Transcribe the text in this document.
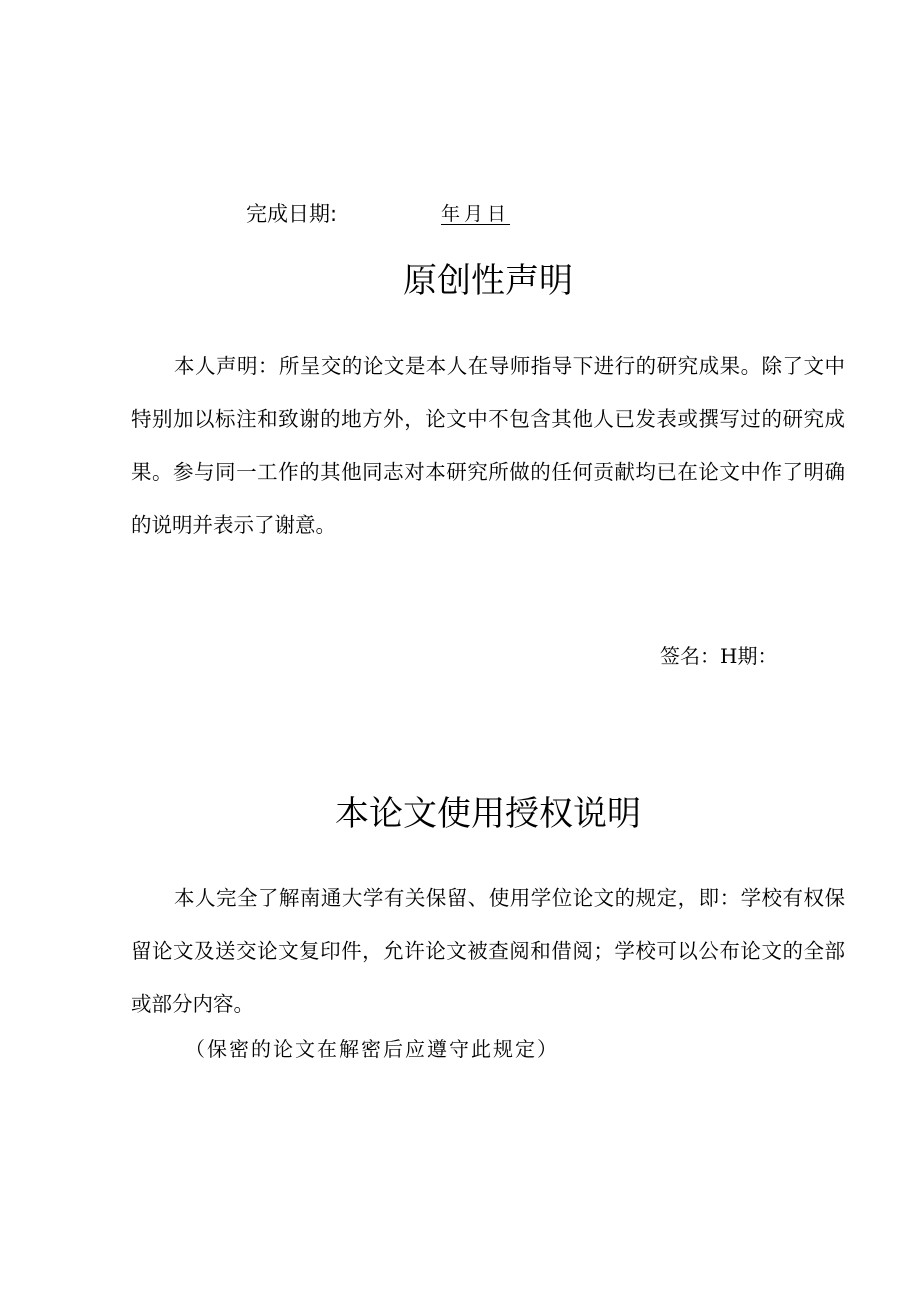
完成日期:	年月日
原创性声明

本人声明：所呈交的论文是本人在导师指导下进行的研究成果。除了文中特别加以标注和致谢的地方外，论文中不包含其他人已发表或撰写过的研究成果。参与同一工作的其他同志对本研究所做的任何贡献均已在论文中作了明确的说明并表示了谢意。

签名：H期：
本论文使用授权说明

本人完全了解南通大学有关保留、使用学位论文的规定，即：学校有权保留论文及送交论文复印件，允许论文被查阅和借阅；学校可以公布论文的全部或部分内容。

（保密的论文在解密后应遵守此规定）
